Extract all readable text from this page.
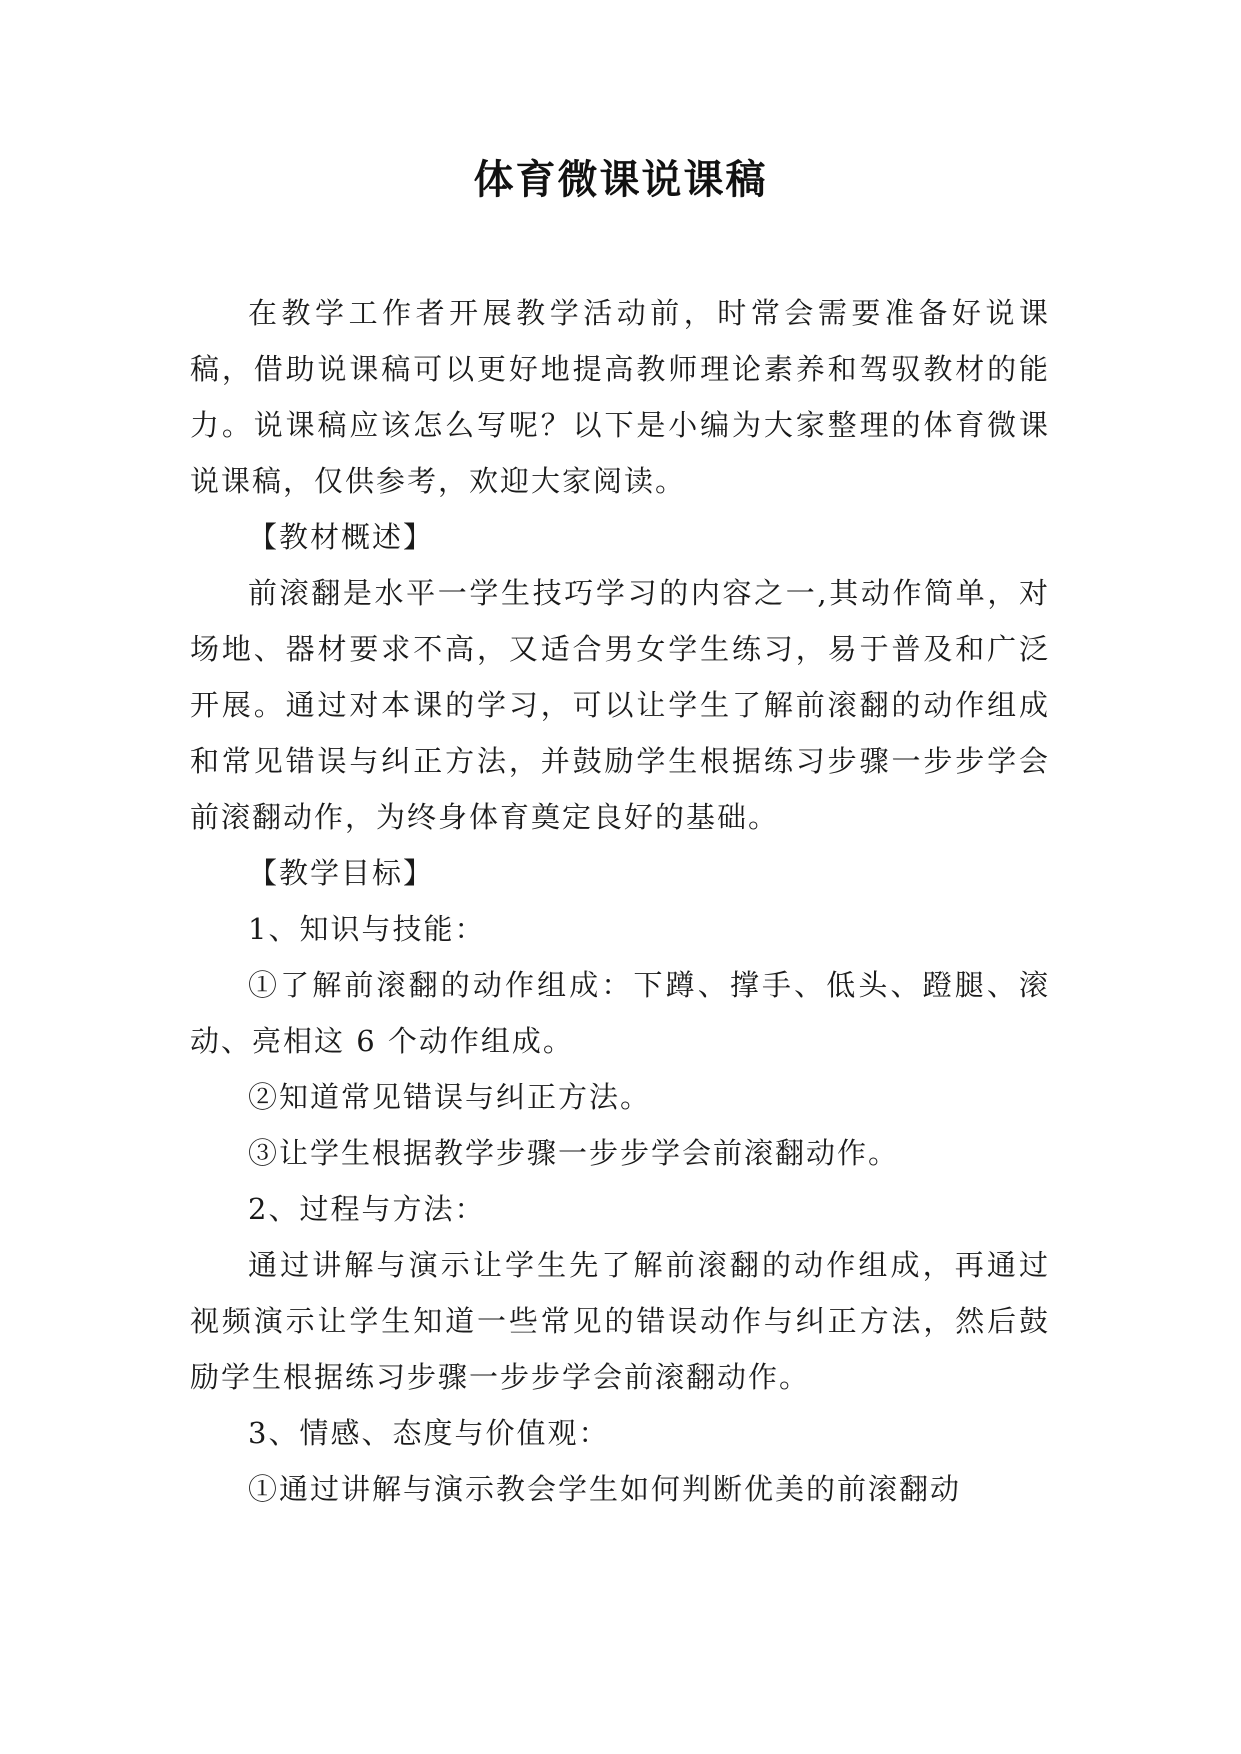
体育微课说课稿

在教学工作者开展教学活动前，时常会需要准备好说课稿，借助说课稿可以更好地提高教师理论素养和驾驭教材的能力。说课稿应该怎么写呢？以下是小编为大家整理的体育微课说课稿，仅供参考，欢迎大家阅读。

【教材概述】

前滚翻是水平一学生技巧学习的内容之一,其动作简单，对场地、器材要求不高，又适合男女学生练习，易于普及和广泛开展。通过对本课的学习，可以让学生了解前滚翻的动作组成和常见错误与纠正方法，并鼓励学生根据练习步骤一步步学会前滚翻动作，为终身体育奠定良好的基础。

【教学目标】

1、知识与技能：

①了解前滚翻的动作组成：下蹲、撑手、低头、蹬腿、滚动、亮相这 6 个动作组成。

②知道常见错误与纠正方法。

③让学生根据教学步骤一步步学会前滚翻动作。

2、过程与方法：

通过讲解与演示让学生先了解前滚翻的动作组成，再通过视频演示让学生知道一些常见的错误动作与纠正方法，然后鼓励学生根据练习步骤一步步学会前滚翻动作。

3、情感、态度与价值观：

①通过讲解与演示教会学生如何判断优美的前滚翻动
